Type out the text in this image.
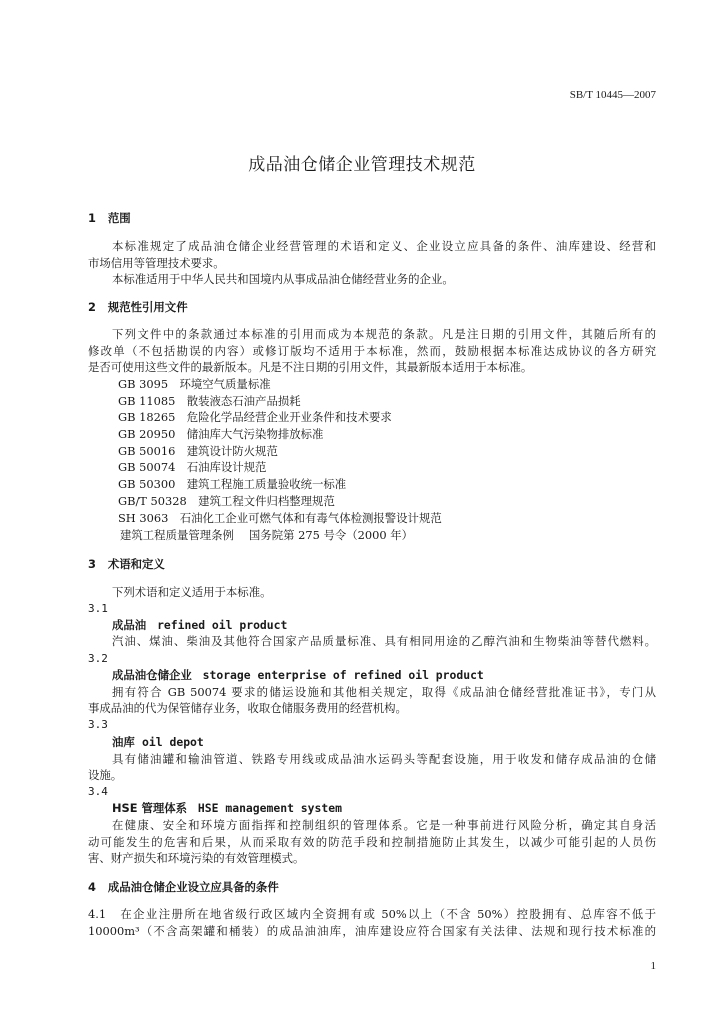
SB/T 10445—2007
成品油仓储企业管理技术规范
1 范围
本标准规定了成品油仓储企业经营管理的术语和定义、企业设立应具备的条件、油库建设、经营和
市场信用等管理技术要求。
本标准适用于中华人民共和国境内从事成品油仓储经营业务的企业。
2 规范性引用文件
下列文件中的条款通过本标准的引用而成为本规范的条款。凡是注日期的引用文件，其随后所有的
修改单（不包括勘误的内容）或修订版均不适用于本标准，然而，鼓励根据本标准达成协议的各方研究
是否可使用这些文件的最新版本。凡是不注日期的引用文件，其最新版本适用于本标准。
GB 3095　环境空气质量标准
GB 11085　散装液态石油产品损耗
GB 18265　危险化学品经营企业开业条件和技术要求
GB 20950　储油库大气污染物排放标准
GB 50016　建筑设计防火规范
GB 50074　石油库设计规范
GB 50300　建筑工程施工质量验收统一标准
GB/T 50328　建筑工程文件归档整理规范
SH 3063　石油化工企业可燃气体和有毒气体检测报警设计规范
建筑工程质量管理条例　 国务院第 275 号令（2000 年）
3 术语和定义
下列术语和定义适用于本标准。
3.1
成品油 refined oil product
汽油、煤油、柴油及其他符合国家产品质量标准、具有相同用途的乙醇汽油和生物柴油等替代燃料。
3.2
成品油仓储企业 storage enterprise of refined oil product
拥有符合 GB 50074 要求的储运设施和其他相关规定，取得《成品油仓储经营批准证书》，专门从
事成品油的代为保管储存业务，收取仓储服务费用的经营机构。
3.3
油库 oil depot
具有储油罐和输油管道、铁路专用线或成品油水运码头等配套设施，用于收发和储存成品油的仓储
设施。
3.4
HSE 管理体系 HSE management system
在健康、安全和环境方面指挥和控制组织的管理体系。它是一种事前进行风险分析，确定其自身活
动可能发生的危害和后果，从而采取有效的防范手段和控制措施防止其发生，以减少可能引起的人员伤
害、财产损失和环境污染的有效管理模式。
4 成品油仓储企业设立应具备的条件
4.1　在企业注册所在地省级行政区域内全资拥有或 50%以上（不含 50%）控股拥有、总库容不低于
10000m³（不含高架罐和桶装）的成品油油库，油库建设应符合国家有关法律、法规和现行技术标准的
1
